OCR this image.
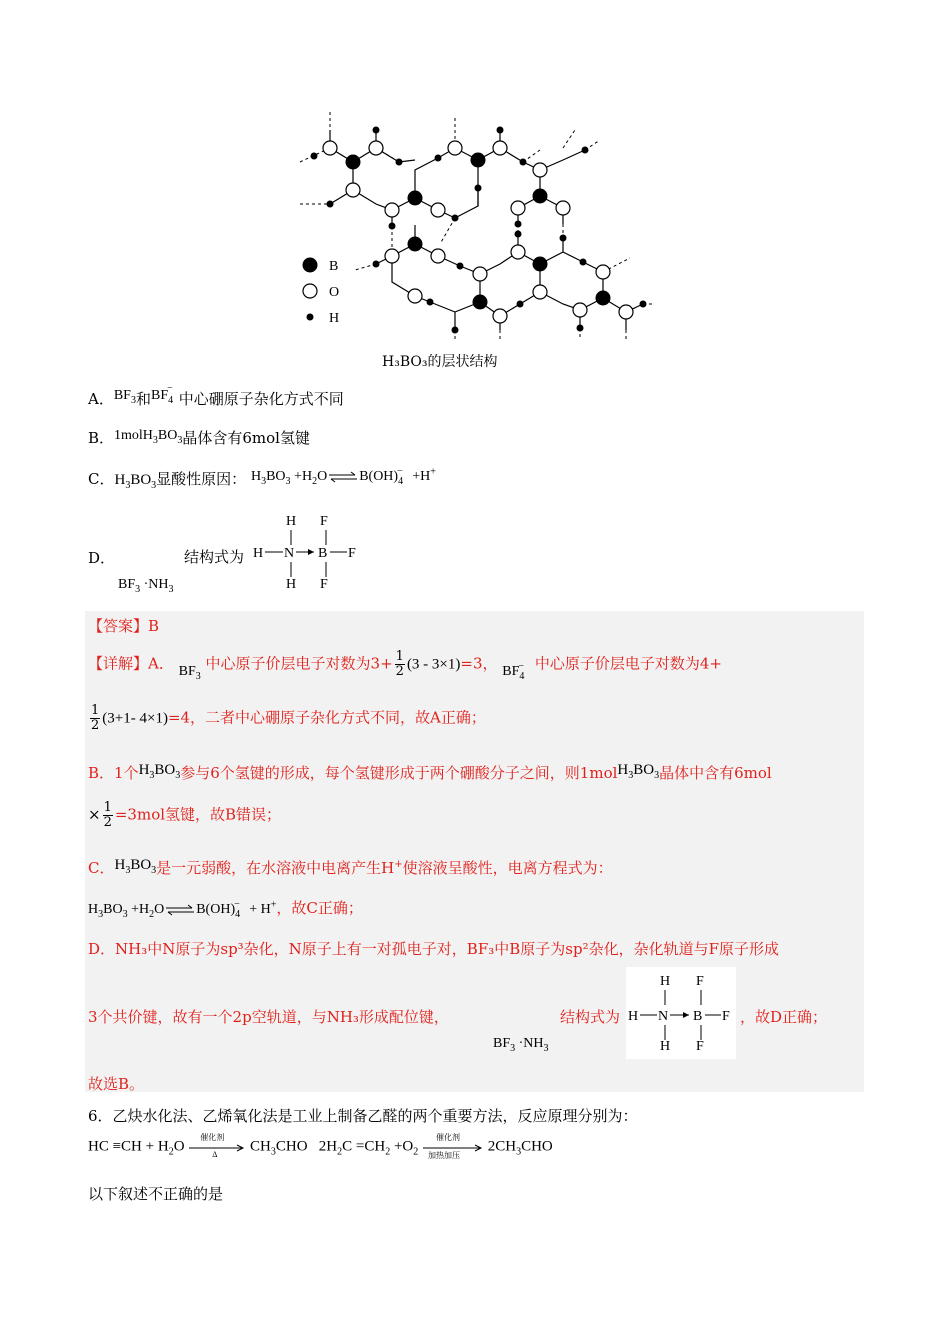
B
O
H
H₃BO₃的层状结构
A．$BF_3$和$BF_4^-$中心硼原子杂化方式不同
B．$1molH_3BO_3$晶体含有6mol氢键
C．$H_3BO_3$显酸性原因： $H_3BO_3$ $+H_2O\rightleftharpoons B(OH)_4^- +H^+$
D．	结构式为
H F
H N B F
H F
$BF_3 \cdot NH_3$
【答案】B
【详解】A． $BF_3$ 中心原子价层电子对数为$3+ \frac{1}{2} (3 - 3\times 1)=3$， $BF_4^-$ 中心原子价层电子对数为4+
$\frac{1}{2} (3+1-$ 4×1)=4，二者中心硼原子杂化方式不同，故A正确；
B．1个$H_3BO_3$参与6个氢键的形成，每个氢键形成于两个硼酸分子之间，则$1molH_3BO_3$晶体中含有6mol
× $\frac{1}{2} =3mol$氢键，故B错误；
C．$H_3BO_3$是一元弱酸，在水溶液中电离产生H+使溶液呈酸性，电离方程式为：
$H_3BO_3$ $+H_2O\rightleftharpoons B(OH)_4^- + H^+$，故C正确；
D．NH₃中N原子为sp³杂化，N原子上有一对孤电子对，BF₃中B原子为sp²杂化，杂化轨道与F原子形成
3个共价键，故有一个2p空轨道，与NH₃形成配位键，
$BF_3 \cdot NH_3$
结构式为
H F
H N B F
H F
，故D正确；
故选B。
6．乙炔水化法、乙烯氧化法是工业上制备乙醛的两个重要方法，反应原理分别为：
HC $\equiv CH + H_2O$
催化剂
Δ
$CH_3CHO$ $2H_2C =CH_2 +O_2$
催化剂
加热加压
$2CH_3CHO$
以下叙述不正确的是
